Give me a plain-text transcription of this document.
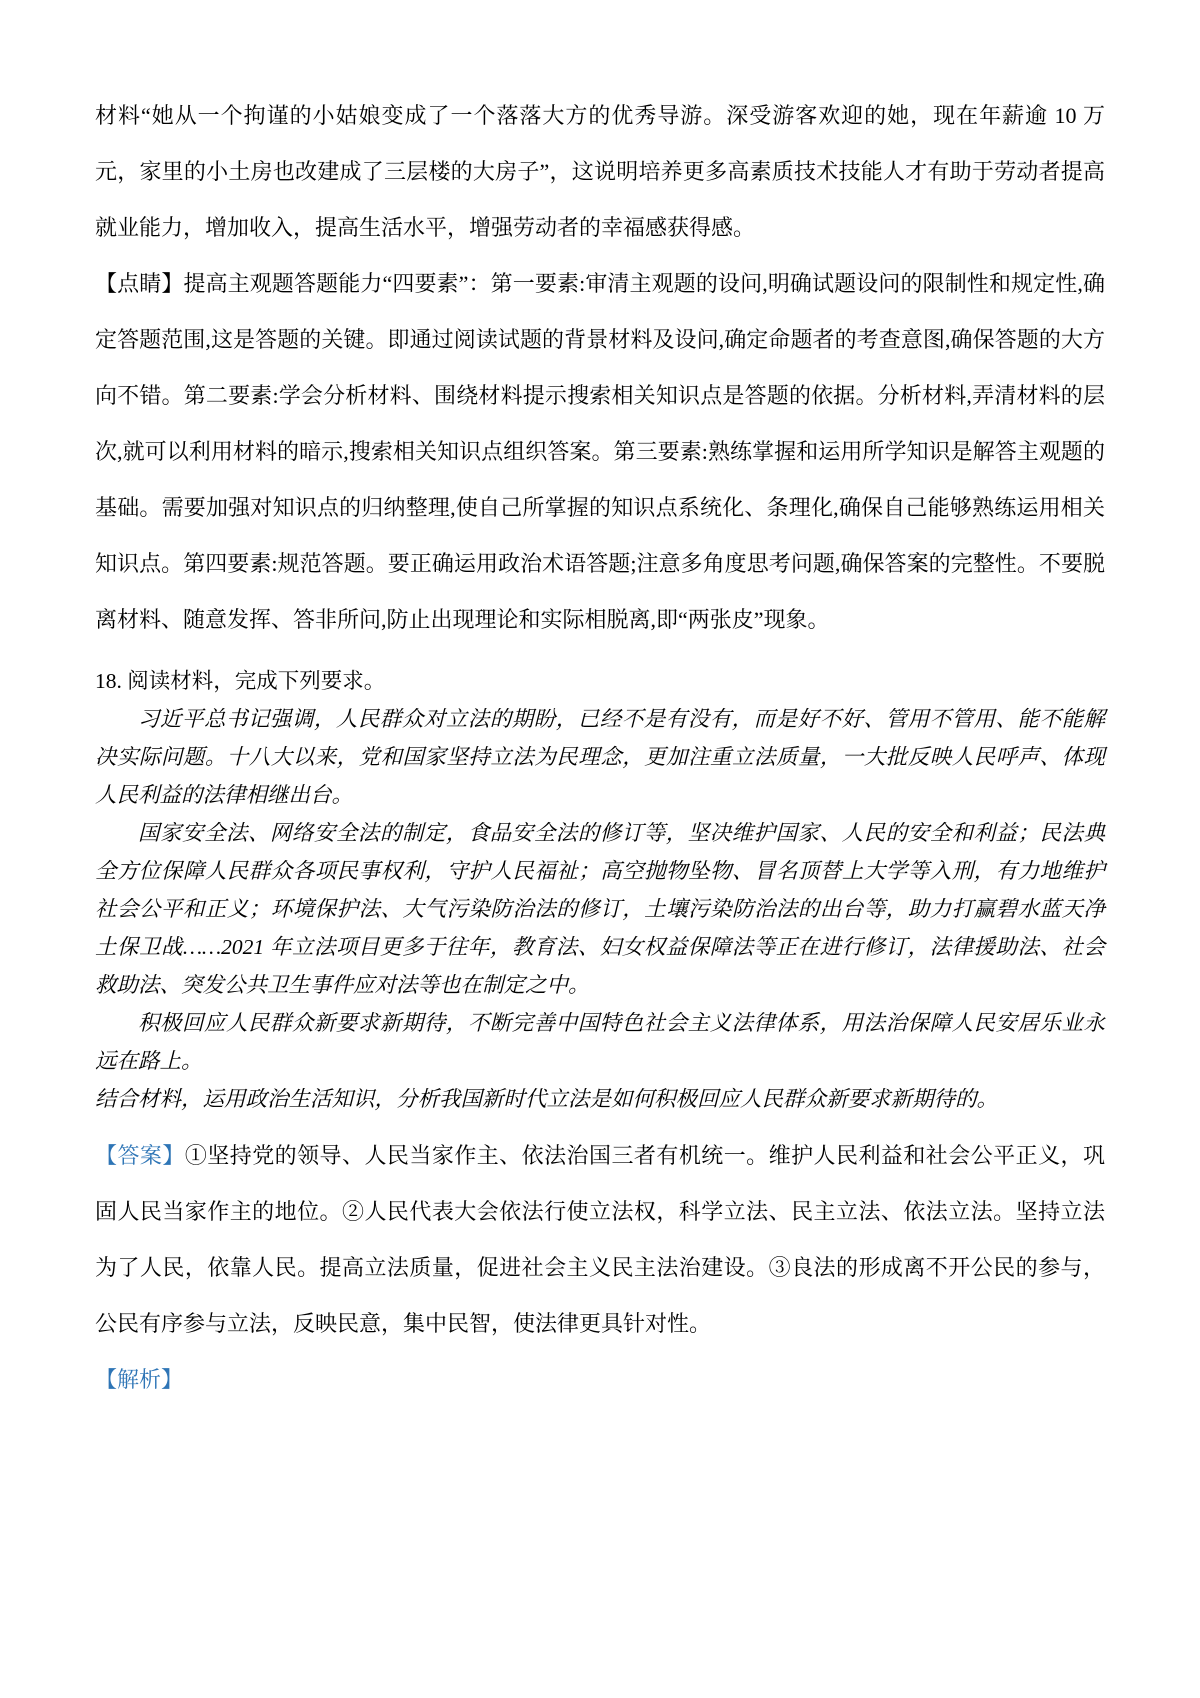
材料“她从一个拘谨的小姑娘变成了一个落落大方的优秀导游。深受游客欢迎的她，现在年薪逾 10 万元，家里的小土房也改建成了三层楼的大房子”，这说明培养更多高素质技术技能人才有助于劳动者提高就业能力，增加收入，提高生活水平，增强劳动者的幸福感获得感。

【点睛】提高主观题答题能力“四要素”：第一要素:审清主观题的设问,明确试题设问的限制性和规定性,确定答题范围,这是答题的关键。即通过阅读试题的背景材料及设问,确定命题者的考查意图,确保答题的大方向不错。第二要素:学会分析材料、围绕材料提示搜索相关知识点是答题的依据。分析材料,弄清材料的层次,就可以利用材料的暗示,搜索相关知识点组织答案。第三要素:熟练掌握和运用所学知识是解答主观题的基础。需要加强对知识点的归纳整理,使自己所掌握的知识点系统化、条理化,确保自己能够熟练运用相关知识点。第四要素:规范答题。要正确运用政治术语答题;注意多角度思考问题,确保答案的完整性。不要脱离材料、随意发挥、答非所问,防止出现理论和实际相脱离,即“两张皮”现象。

18. 阅读材料，完成下列要求。

习近平总书记强调，人民群众对立法的期盼，已经不是有没有，而是好不好、管用不管用、能不能解决实际问题。十八大以来，党和国家坚持立法为民理念，更加注重立法质量，一大批反映人民呼声、体现人民利益的法律相继出台。

国家安全法、网络安全法的制定，食品安全法的修订等，坚决维护国家、人民的安全和利益；民法典全方位保障人民群众各项民事权利，守护人民福祉；高空抛物坠物、冒名顶替上大学等入刑，有力地维护社会公平和正义；环境保护法、大气污染防治法的修订，土壤污染防治法的出台等，助力打赢碧水蓝天净土保卫战……2021 年立法项目更多于往年，教育法、妇女权益保障法等正在进行修订，法律援助法、社会救助法、突发公共卫生事件应对法等也在制定之中。

积极回应人民群众新要求新期待，不断完善中国特色社会主义法律体系，用法治保障人民安居乐业永远在路上。

结合材料，运用政治生活知识，分析我国新时代立法是如何积极回应人民群众新要求新期待的。

【答案】①坚持党的领导、人民当家作主、依法治国三者有机统一。维护人民利益和社会公平正义，巩固人民当家作主的地位。②人民代表大会依法行使立法权，科学立法、民主立法、依法立法。坚持立法为了人民，依靠人民。提高立法质量，促进社会主义民主法治建设。③良法的形成离不开公民的参与，公民有序参与立法，反映民意，集中民智，使法律更具针对性。

【解析】
